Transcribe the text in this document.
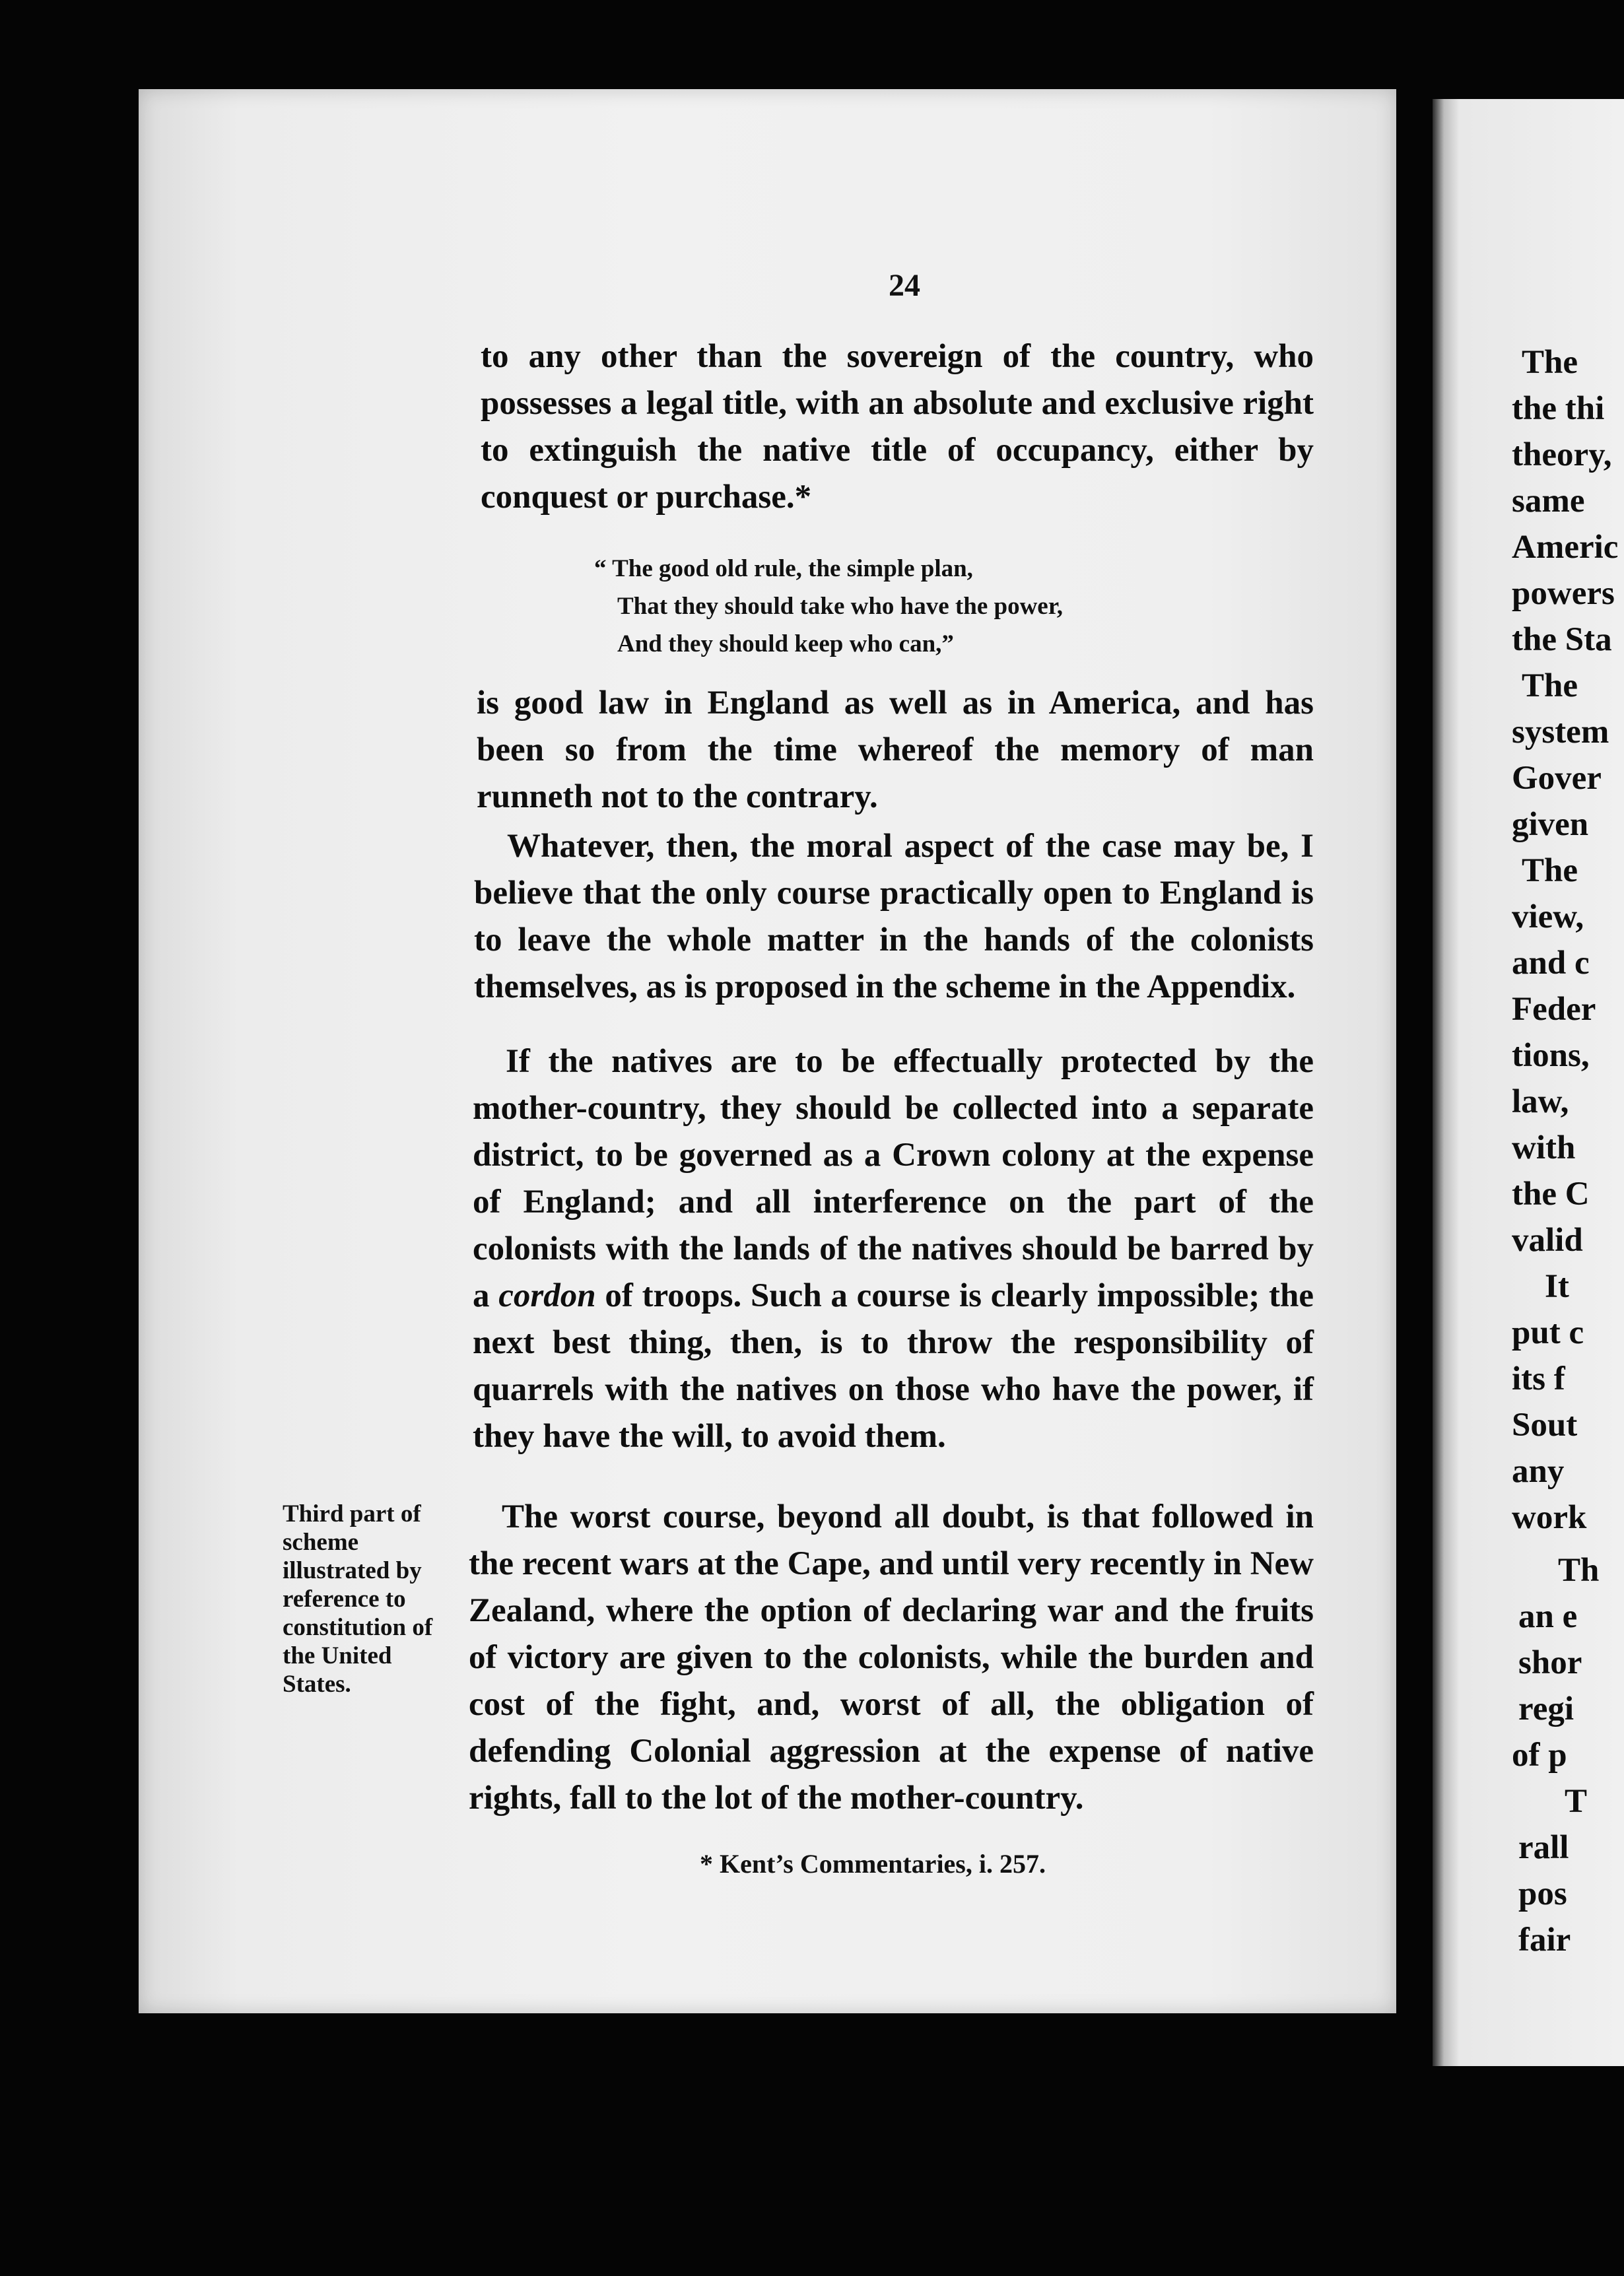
24
to any other than the sovereign of the country, who possesses a legal title, with an absolute and exclusive right to extinguish the native title of occupancy, either by conquest or purchase.*
“ The good old rule, the simple plan,
That they should take who have the power,
And they should keep who can,”
is good law in England as well as in America, and has been so from the time whereof the memory of man runneth not to the contrary.
Whatever, then, the moral aspect of the case may be, I believe that the only course practically open to England is to leave the whole matter in the hands of the colonists themselves, as is proposed in the scheme in the Appendix.
If the natives are to be effectually protected by the mother-country, they should be collected into a separate district, to be governed as a Crown colony at the expense of England; and all interference on the part of the colonists with the lands of the natives should be barred by a cordon of troops. Such a course is clearly impossible; the next best thing, then, is to throw the responsibility of quarrels with the natives on those who have the power, if they have the will, to avoid them.
Third part of scheme illustrated by reference to constitution of the United States.
The worst course, beyond all doubt, is that followed in the recent wars at the Cape, and until very recently in New Zealand, where the option of declaring war and the fruits of victory are given to the colonists, while the burden and cost of the fight, and, worst of all, the obligation of defending Colonial aggression at the expense of native rights, fall to the lot of the mother-country.
* Kent’s Commentaries, i. 257.
The
the thi
theory,
same
Americ
powers
the Sta
The
system
Gover
given
The
view,
and c
Feder
tions,
law,
with
the C
valid
It
put c
its f
Sout
any
work
Th
an e
shor
regi
of p
T
rall
pos
fair
